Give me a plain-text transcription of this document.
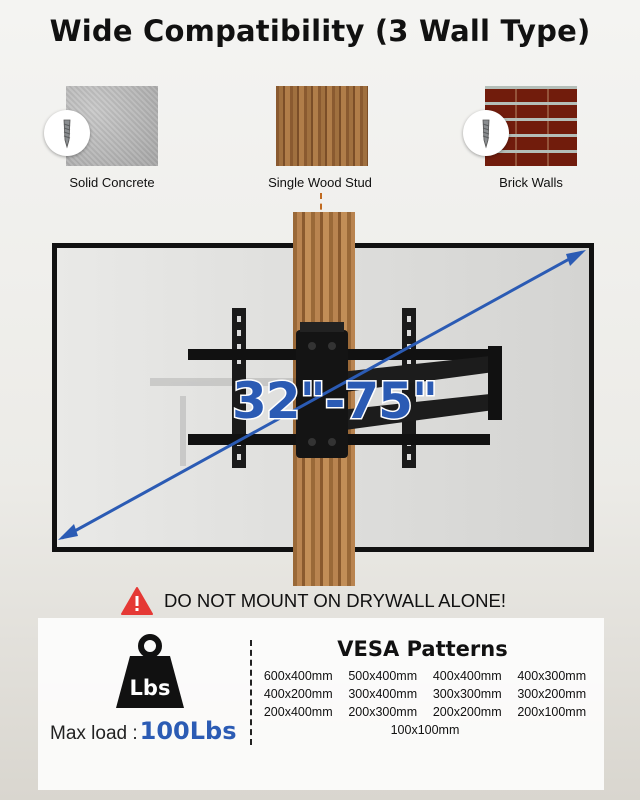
Wide Compatibility (3 Wall Type)
Solid Concrete	Single Wood Stud	Brick Walls
32"-75"
DO NOT MOUNT ON DRYWALL ALONE!
Lbs
Max load : 100Lbs
VESA Patterns
600x400mm	500x400mm	400x400mm	400x300mm
400x200mm	300x400mm	300x300mm	300x200mm
200x400mm	200x300mm	200x200mm	200x100mm
100x100mm
